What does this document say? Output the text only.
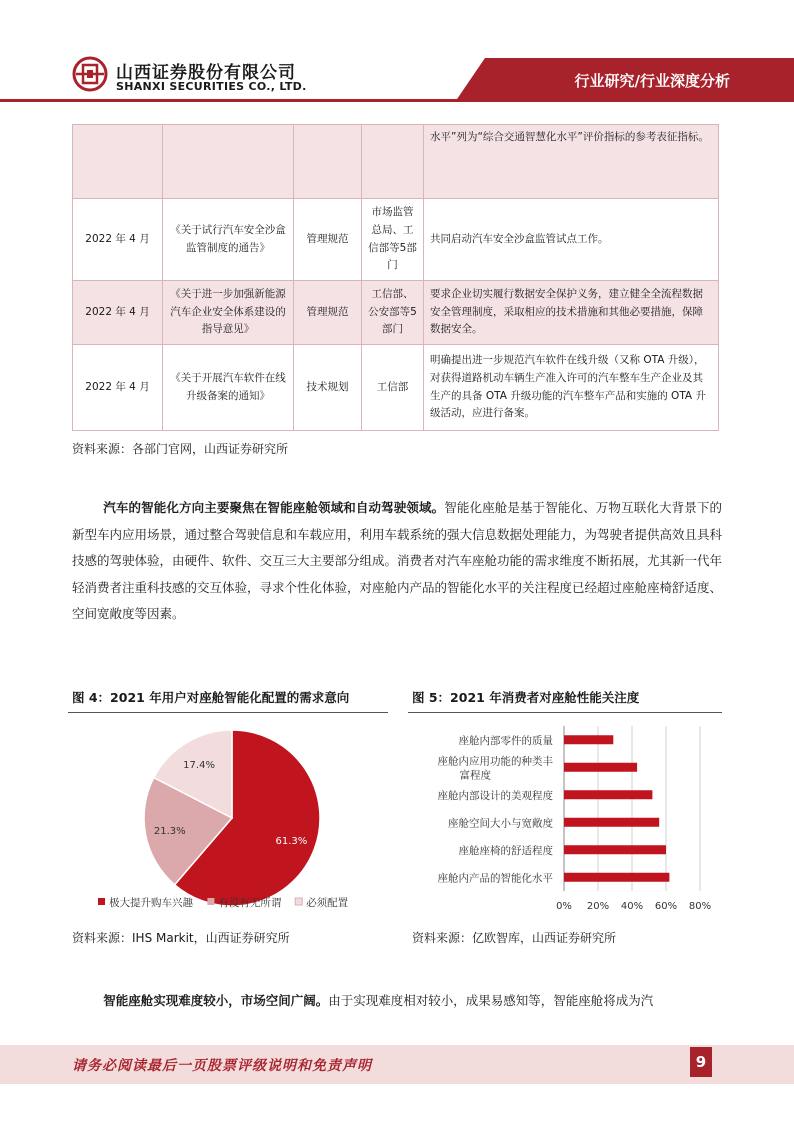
行业研究/行业深度分析
山西证券股份有限公司
SHANXI SECURITIES CO., LTD.
				水平”列为“综合交通智慧化水平”评价指标的参考表征指标。
2022 年 4 月	《关于试行汽车安全沙盒监管制度的通告》	管理规范	市场监管总局、工信部等5部门	共同启动汽车安全沙盒监管试点工作。
2022 年 4 月	《关于进一步加强新能源汽车企业安全体系建设的指导意见》	管理规范	工信部、公安部等5部门	要求企业切实履行数据安全保护义务，建立健全全流程数据安全管理制度，采取相应的技术措施和其他必要措施，保障数据安全。
2022 年 4 月	《关于开展汽车软件在线升级备案的通知》	技术规划	工信部	明确提出进一步规范汽车软件在线升级（又称 OTA 升级），对获得道路机动车辆生产准入许可的汽车整车生产企业及其生产的具备 OTA 升级功能的汽车整车产品和实施的 OTA 升级活动，应进行备案。
资料来源：各部门官网，山西证券研究所
汽车的智能化方向主要聚焦在智能座舱领域和自动驾驶领域。智能化座舱是基于智能化、万物互联化大背景下的新型车内应用场景，通过整合驾驶信息和车载应用，利用车载系统的强大信息数据处理能力，为驾驶者提供高效且具科技感的驾驶体验，由硬件、软件、交互三大主要部分组成。消费者对汽车座舱功能的需求维度不断拓展，尤其新一代年轻消费者注重科技感的交互体验，寻求个性化体验，对座舱内产品的智能化水平的关注程度已经超过座舱座椅舒适度、空间宽敞度等因素。
图 4：2021 年用户对座舱智能化配置的需求意向
61.3%
21.3%
17.4%
极大提升购车兴趣 有没有无所谓 必须配置
资料来源：IHS Markit，山西证券研究所
图 5：2021 年消费者对座舱性能关注度
0% 20% 40% 60% 80%
座舱内部零件的质量
座舱内应用功能的种类丰富程度
座舱内部设计的美观程度
座舱空间大小与宽敞度
座舱座椅的舒适程度
座舱内产品的智能化水平
资料来源：亿欧智库，山西证券研究所
智能座舱实现难度较小，市场空间广阔。由于实现难度相对较小，成果易感知等，智能座舱将成为汽
请务必阅读最后一页股票评级说明和免责声明	9
